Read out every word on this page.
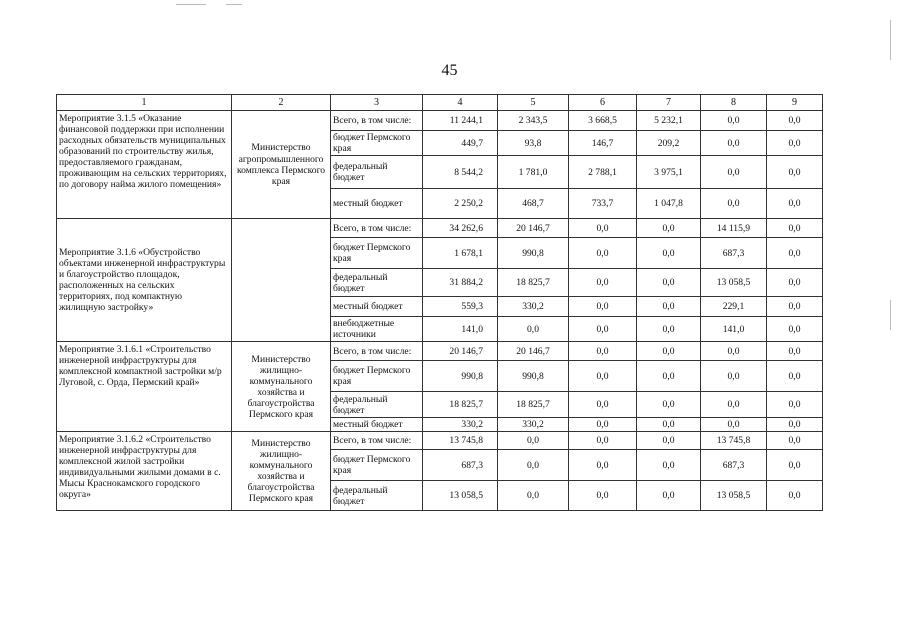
45
1	2	3	4	5	6	7	8	9
Мероприятие 3.1.5 «Оказание финансовой поддержки при исполнении расходных обязательств муниципальных образований по строительству жилья, предоставляемого гражданам, проживающим на сельских территориях, по договору найма жилого помещения»	Министерство агропромышленного комплекса Пермского края	Всего, в том числе:	11 244,1	2 343,5	3 668,5	5 232,1	0,0	0,0
		бюджет Пермского края	449,7	93,8	146,7	209,2	0,0	0,0
		федеральный бюджет	8 544,2	1 781,0	2 788,1	3 975,1	0,0	0,0
		местный бюджет	2 250,2	468,7	733,7	1 047,8	0,0	0,0
Мероприятие 3.1.6 «Обустройство объектами инженерной инфраструктуры и благоустройство площадок, расположенных на сельских территориях, под компактную жилищную застройку»		Всего, в том числе:	34 262,6	20 146,7	0,0	0,0	14 115,9	0,0
		бюджет Пермского края	1 678,1	990,8	0,0	0,0	687,3	0,0
		федеральный бюджет	31 884,2	18 825,7	0,0	0,0	13 058,5	0,0
		местный бюджет	559,3	330,2	0,0	0,0	229,1	0,0
		внебюджетные источники	141,0	0,0	0,0	0,0	141,0	0,0
Мероприятие 3.1.6.1 «Строительство инженерной инфраструктуры для комплексной компактной застройки м/р Луговой, с. Орда, Пермский край»	Министерство жилищно-коммунального хозяйства и благоустройства Пермского края	Всего, в том числе:	20 146,7	20 146,7	0,0	0,0	0,0	0,0
		бюджет Пермского края	990,8	990,8	0,0	0,0	0,0	0,0
		федеральный бюджет	18 825,7	18 825,7	0,0	0,0	0,0	0,0
		местный бюджет	330,2	330,2	0,0	0,0	0,0	0,0
Мероприятие 3.1.6.2 «Строительство инженерной инфраструктуры для комплексной жилой застройки индивидуальными жилыми домами в с. Мысы Краснокамского городского округа»	Министерство жилищно-коммунального хозяйства и благоустройства Пермского края	Всего, в том числе:	13 745,8	0,0	0,0	0,0	13 745,8	0,0
		бюджет Пермского края	687,3	0,0	0,0	0,0	687,3	0,0
		федеральный бюджет	13 058,5	0,0	0,0	0,0	13 058,5	0,0
